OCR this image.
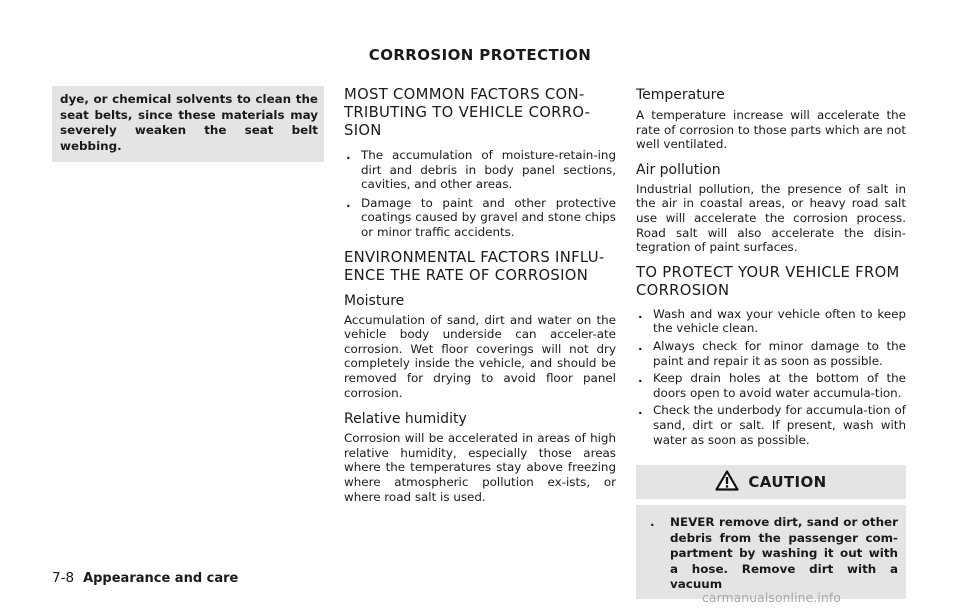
CORROSION PROTECTION
dye, or chemical solvents to clean the seat belts, since these materials may severely weaken the seat belt webbing.
MOST COMMON FACTORS CON-TRIBUTING TO VEHICLE CORRO-SION
. The accumulation of moisture-retain-ing dirt and debris in body panel sections, cavities, and other areas.
. Damage to paint and other protective coatings caused by gravel and stone chips or minor traffic accidents.
ENVIRONMENTAL FACTORS INFLU-ENCE THE RATE OF CORROSION
Moisture

Accumulation of sand, dirt and water on the vehicle body underside can acceler-ate corrosion. Wet floor coverings will not dry completely inside the vehicle, and should be removed for drying to avoid floor panel corrosion.

Relative humidity

Corrosion will be accelerated in areas of high relative humidity, especially those areas where the temperatures stay above freezing where atmospheric pollution ex-ists, or where road salt is used.

Temperature

A temperature increase will accelerate the rate of corrosion to those parts which are not well ventilated.

Air pollution

Industrial pollution, the presence of salt in the air in coastal areas, or heavy road salt use will accelerate the corrosion process. Road salt will also accelerate the disin-tegration of paint surfaces.

TO PROTECT YOUR VEHICLE FROM CORROSION
. Wash and wax your vehicle often to keep the vehicle clean.
. Always check for minor damage to the paint and repair it as soon as possible.
. Keep drain holes at the bottom of the doors open to avoid water accumula-tion.
. Check the underbody for accumula-tion of sand, dirt or salt. If present, wash with water as soon as possible.
CAUTION
. NEVER remove dirt, sand or other debris from the passenger com-partment by washing it out with a hose. Remove dirt with a vacuum
7-8 Appearance and care
carmanualsonline.info
